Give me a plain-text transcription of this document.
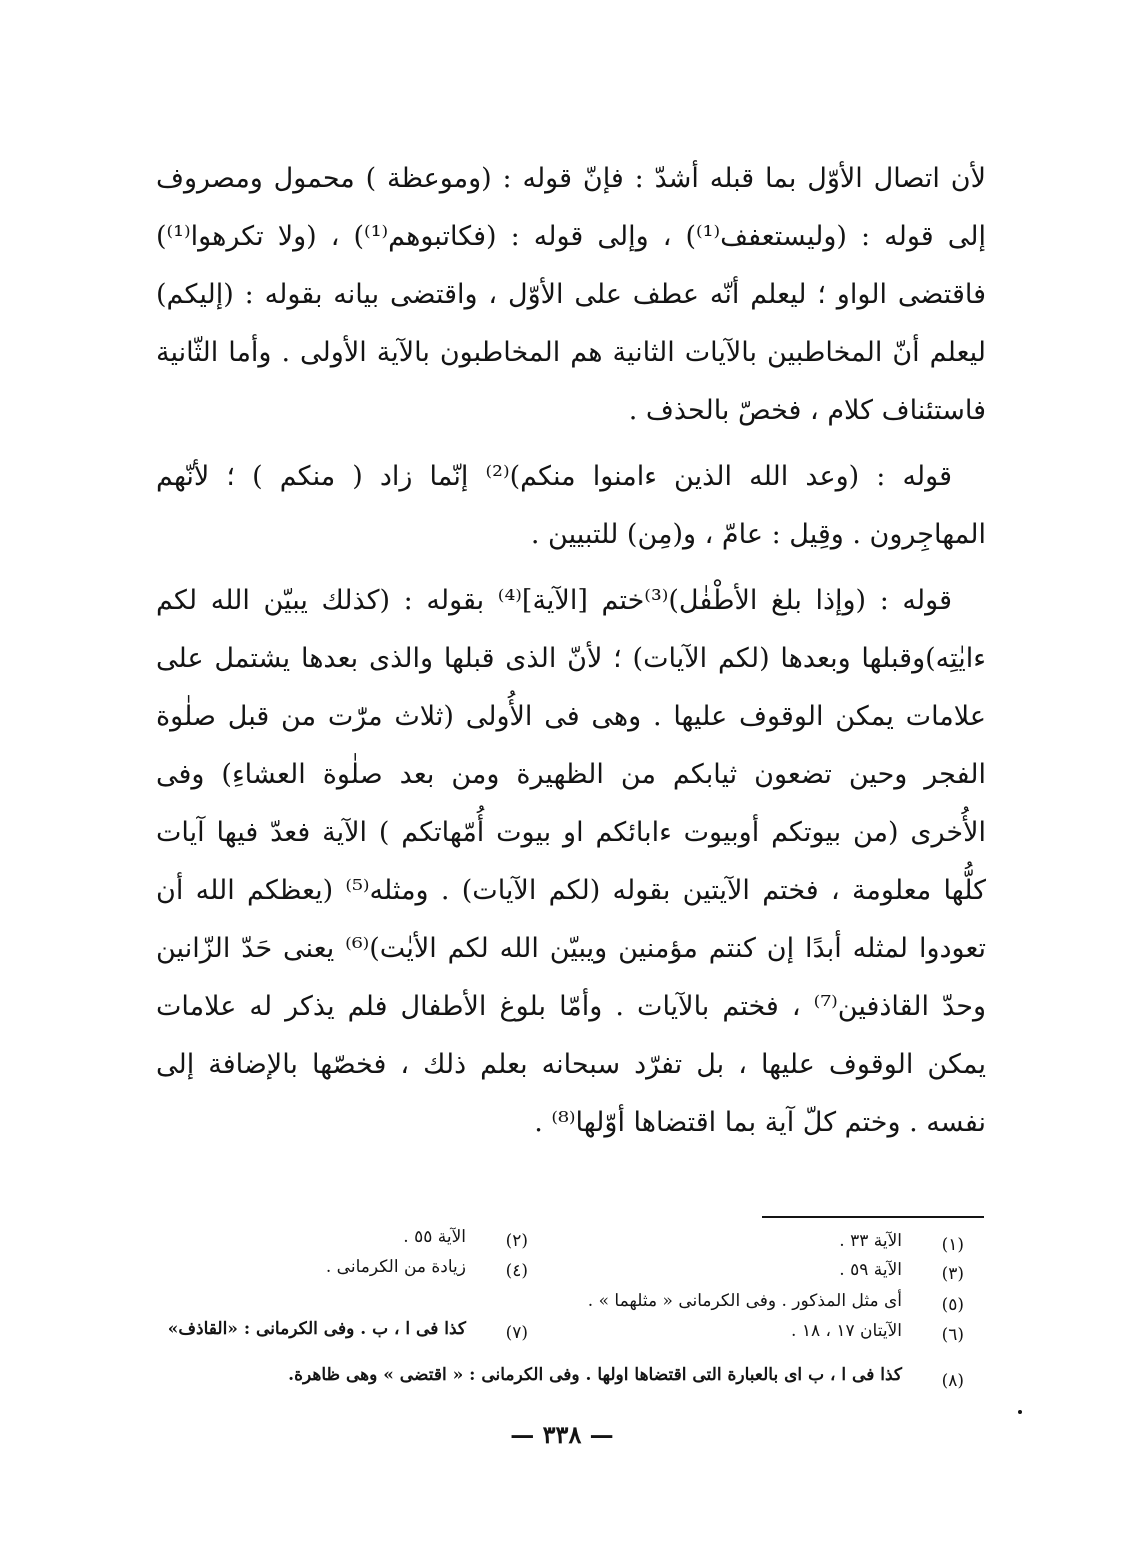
لأن اتصال الأوّل بما قبله أشدّ : فإنّ قوله : (وموعظة ) محمول ومصروف إلى قوله : (وليستعفف⁽¹⁾) ، وإلى قوله : (فكاتبوهم⁽¹⁾) ، (ولا تكرهوا⁽¹⁾) فاقتضى الواو ؛ ليعلم أنّه عطف على الأوّل ، واقتضى بيانه بقوله : (إليكم) ليعلم أنّ المخاطبين بالآيات الثانية هم المخاطبون بالآية الأولى . وأما الثّانية فاستئناف كلام ، فخصّ بالحذف .

قوله : (وعد الله الذين ءامنوا منكم)⁽²⁾ إنّما زاد ( منكم ) ؛ لأنّهم المهاجِرون . وقِيل : عامّ ، و(مِن) للتبيين .

قوله : (وإذا بلغ الأطْفٰل)⁽³⁾ختم [الآية]⁽⁴⁾ بقوله : (كذلك يبيّن الله لكم ءايٰتِه)وقبلها وبعدها (لكم الآيات) ؛ لأنّ الذى قبلها والذى بعدها يشتمل على علامات يمكن الوقوف عليها . وهى فى الأُولى (ثلاث مرّٰت من قبل صلٰوة الفجر وحين تضعون ثيابكم من الظهيرة ومن بعد صلٰوة العشاءِ) وفى الأُخرى (من بيوتكم أوبيوت ءابائكم او بيوت أُمّهاتكم ) الآية فعدّ فيها آيات كلُّها معلومة ، فختم الآيتين بقوله (لكم الآيات) . ومثله⁽⁵⁾ (يعظكم الله أن تعودوا لمثله أبدًا إن كنتم مؤمنين ويبيّن الله لكم الأيٰت)⁽⁶⁾ يعنى حَدّ الزّانين وحدّ القاذفين⁽⁷⁾ ، فختم بالآيات . وأمّا بلوغ الأطفال فلم يذكر له علامات يمكن الوقوف عليها ، بل تفرّد سبحانه بعلم ذلك ، فخصّها بالإضافة إلى نفسه . وختم كلّ آية بما اقتضاها أوّلها⁽⁸⁾ .

(١)
الآية ٣٣ .
(٣)
الآية ٥٩ .
(٥)
أى مثل المذكور . وفى الكرمانى « مثلهما » .
(٦)
الآيتان ١٧ ، ١٨ .
(٨)
كذا فى ا ، ب اى بالعبارة التى اقتضاها اولها . وفى الكرمانى : « اقتضى » وهى ظاهرة.
(٢)
الآية ٥٥ .
(٤)
زيادة من الكرمانى .
(٧)
كذا فى ا ، ب . وفى الكرمانى : «القاذف»
— ٣٣٨ —
